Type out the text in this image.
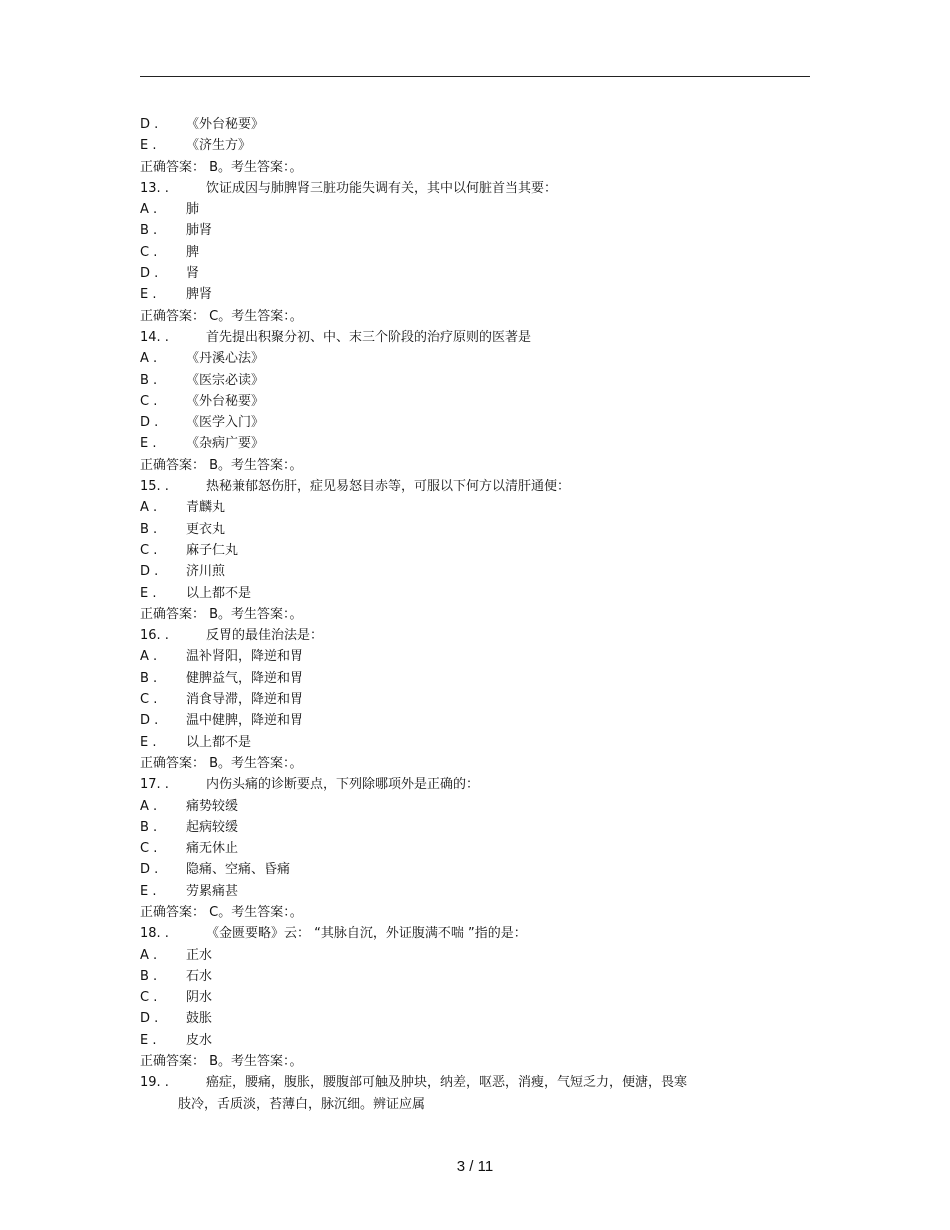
D . 《外台秘要》
E . 《济生方》
正确答案： B。考生答案：。
13. .	饮证成因与肺脾肾三脏功能失调有关，其中以何脏首当其要：
A . 肺
B . 肺肾
C . 脾
D . 肾
E . 脾肾
正确答案： C。考生答案：。
14. .	首先提出积聚分初、中、末三个阶段的治疗原则的医著是
A . 《丹溪心法》
B . 《医宗必读》
C . 《外台秘要》
D . 《医学入门》
E . 《杂病广要》
正确答案： B。考生答案：。
15. .	热秘兼郁怒伤肝，症见易怒目赤等，可服以下何方以清肝通便：
A . 青麟丸
B . 更衣丸
C . 麻子仁丸
D . 济川煎
E . 以上都不是
正确答案： B。考生答案：。
16. .	反胃的最佳治法是：
A . 温补肾阳，降逆和胃
B . 健脾益气，降逆和胃
C . 消食导滞，降逆和胃
D . 温中健脾，降逆和胃
E . 以上都不是
正确答案： B。考生答案：。
17. .	内伤头痛的诊断要点，下列除哪项外是正确的：
A . 痛势较缓
B . 起病较缓
C . 痛无休止
D . 隐痛、空痛、昏痛
E . 劳累痛甚
正确答案： C。考生答案：。
18. .	《金匮要略》云： “其脉自沉，外证腹满不喘 ”指的是：
A . 正水
B . 石水
C . 阴水
D . 鼓胀
E . 皮水
正确答案： B。考生答案：。
19. .	癌症，腰痛，腹胀，腰腹部可触及肿块，纳差，呕恶，消瘦，气短乏力，便溏，畏寒
肢冷，舌质淡，苔薄白，脉沉细。辨证应属
3 / 11
